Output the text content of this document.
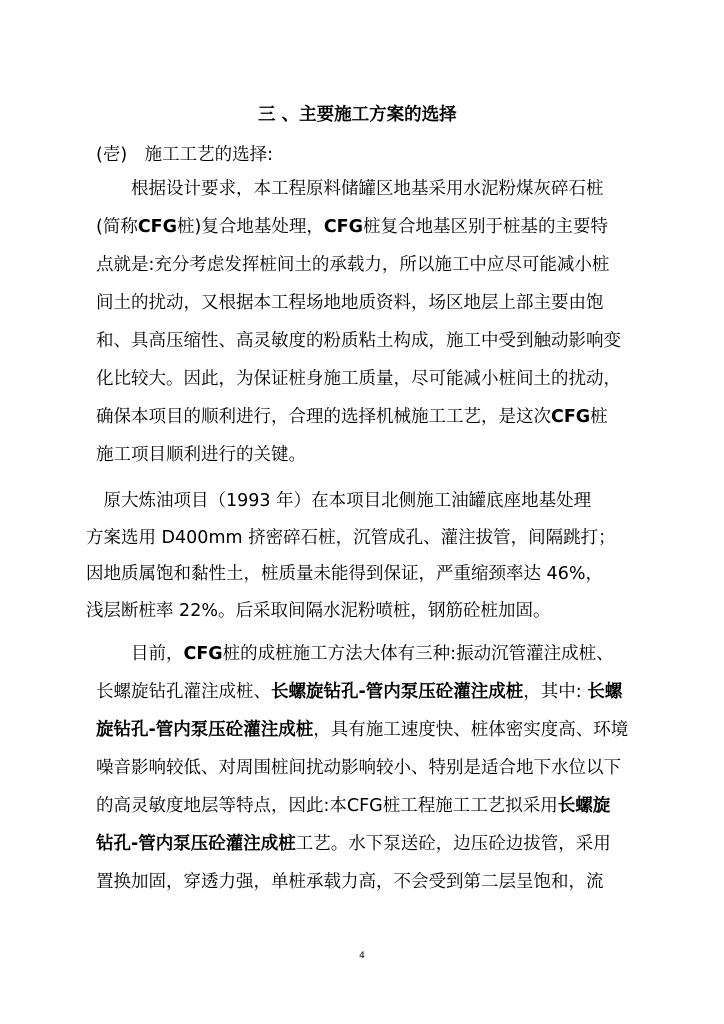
三 、主要施工方案的选择
(壱)　施工工艺的选择:
　　根据设计要求，本工程原料储罐区地基采用水泥粉煤灰碎石桩
(简称CFG桩)复合地基处理，CFG桩复合地基区别于桩基的主要特
点就是:充分考虑发挥桩间土的承载力，所以施工中应尽可能减小桩
间土的扰动，又根据本工程场地地质资料，场区地层上部主要由饱
和、具高压缩性、高灵敏度的粉质粘土构成，施工中受到触动影响变
化比较大。因此，为保证桩身施工质量，尽可能减小桩间土的扰动，
确保本项目的顺利进行，合理的选择机械施工工艺，是这次CFG桩
施工项目顺利进行的关键。
　原大炼油项目（1993 年）在本项目北侧施工油罐底座地基处理
方案选用 D400mm 挤密碎石桩，沉管成孔、灌注拔管，间隔跳打；
因地质属饱和黏性土，桩质量未能得到保证，严重缩颈率达 46%，
浅层断桩率 22%。后采取间隔水泥粉喷桩，钢筋砼桩加固。
　　目前，CFG桩的成桩施工方法大体有三种:振动沉管灌注成桩、
长螺旋钻孔灌注成桩、长螺旋钻孔-管内泵压砼灌注成桩，其中: 长螺
旋钻孔-管内泵压砼灌注成桩，具有施工速度快、桩体密实度高、环境
噪音影响较低、对周围桩间扰动影响较小、特别是适合地下水位以下
的高灵敏度地层等特点，因此:本CFG桩工程施工工艺拟采用长螺旋
钻孔-管内泵压砼灌注成桩工艺。水下泵送砼，边压砼边拔管，采用
置换加固，穿透力强，单桩承载力高，不会受到第二层呈饱和，流
4
